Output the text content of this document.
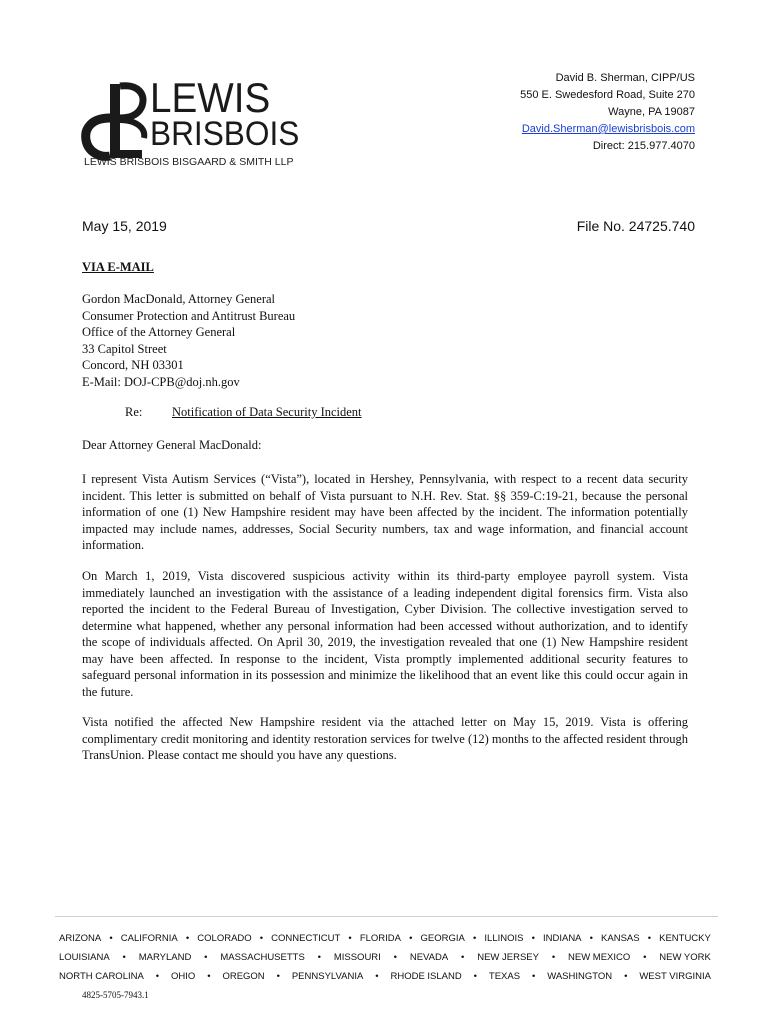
LEWIS
BRISBOIS
LEWIS BRISBOIS BISGAARD & SMITH LLP
David B. Sherman, CIPP/US
550 E. Swedesford Road, Suite 270
Wayne, PA 19087
David.Sherman@lewisbrisbois.com
Direct: 215.977.4070
May 15, 2019	File No. 24725.740
VIA E-MAIL
Gordon MacDonald, Attorney General
Consumer Protection and Antitrust Bureau
Office of the Attorney General
33 Capitol Street
Concord, NH 03301
E-Mail: DOJ-CPB@doj.nh.gov
Re: Notification of Data Security Incident
Dear Attorney General MacDonald:

I represent Vista Autism Services (“Vista”), located in Hershey, Pennsylvania, with respect to a recent data security incident. This letter is submitted on behalf of Vista pursuant to N.H. Rev. Stat. §§ 359-C:19-21, because the personal information of one (1) New Hampshire resident may have been affected by the incident. The information potentially impacted may include names, addresses, Social Security numbers, tax and wage information, and financial account information.

On March 1, 2019, Vista discovered suspicious activity within its third-party employee payroll system. Vista immediately launched an investigation with the assistance of a leading independent digital forensics firm. Vista also reported the incident to the Federal Bureau of Investigation, Cyber Division. The collective investigation served to determine what happened, whether any personal information had been accessed without authorization, and to identify the scope of individuals affected. On April 30, 2019, the investigation revealed that one (1) New Hampshire resident may have been affected. In response to the incident, Vista promptly implemented additional security features to safeguard personal information in its possession and minimize the likelihood that an event like this could occur again in the future.

Vista notified the affected New Hampshire resident via the attached letter on May 15, 2019. Vista is offering complimentary credit monitoring and identity restoration services for twelve (12) months to the affected resident through TransUnion. Please contact me should you have any questions.

ARIZONA • CALIFORNIA • COLORADO • CONNECTICUT • FLORIDA • GEORGIA • ILLINOIS • INDIANA • KANSAS • KENTUCKY
LOUISIANA • MARYLAND • MASSACHUSETTS • MISSOURI • NEVADA • NEW JERSEY • NEW MEXICO • NEW YORK
NORTH CAROLINA • OHIO • OREGON • PENNSYLVANIA • RHODE ISLAND • TEXAS • WASHINGTON • WEST VIRGINIA
4825-5705-7943.1
